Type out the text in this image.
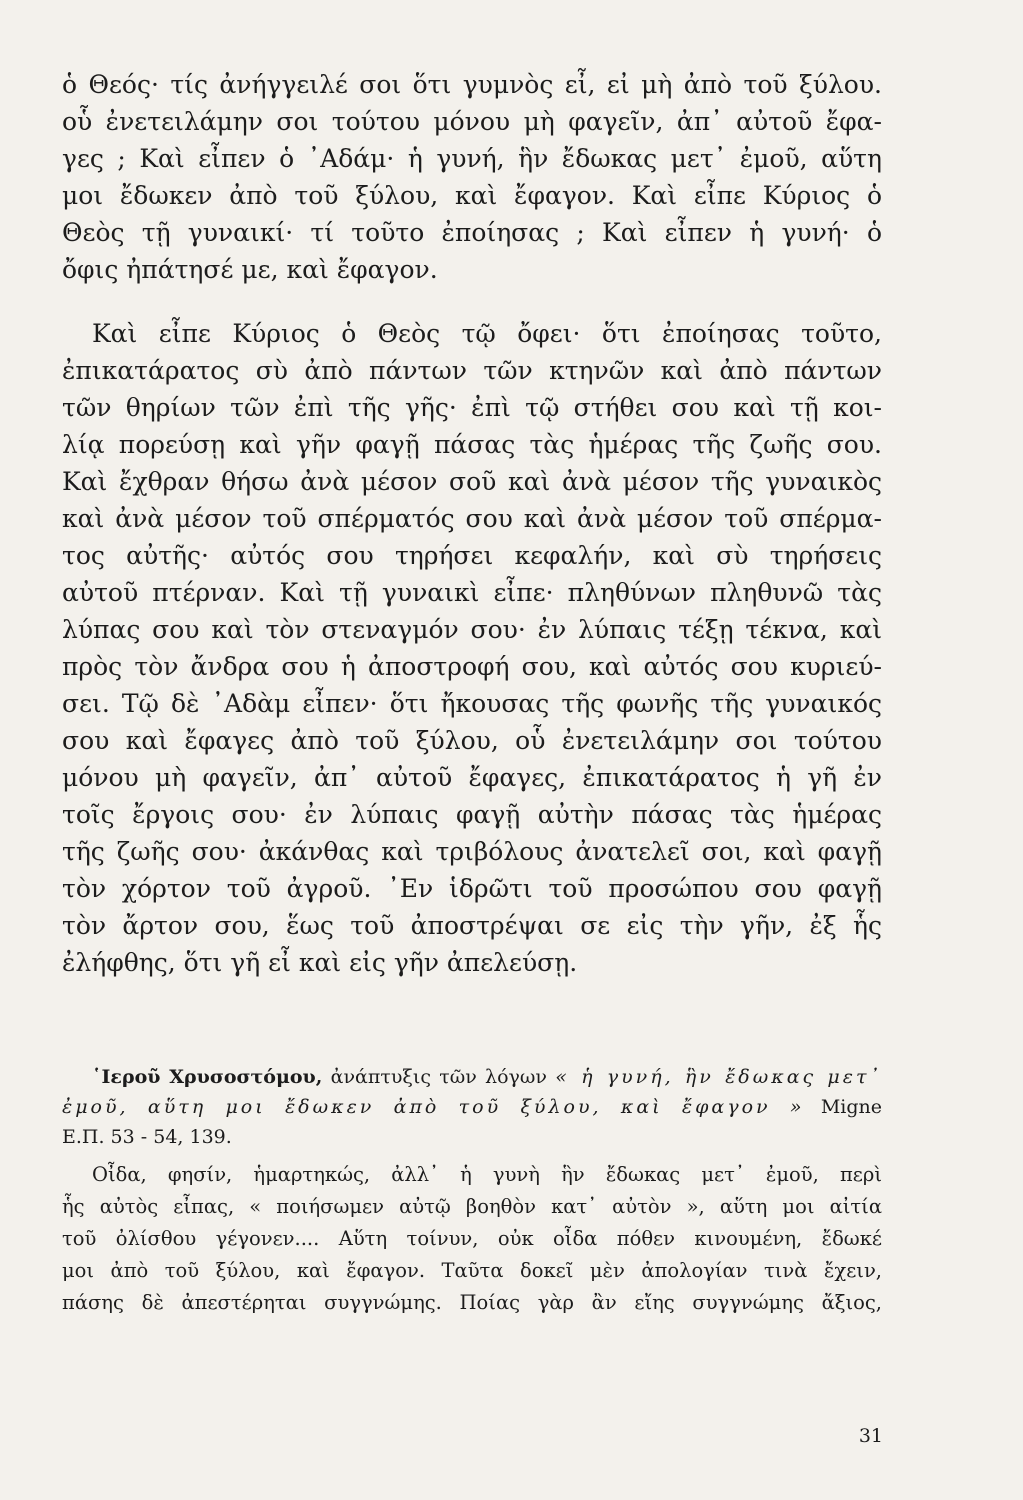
ὁ Θεός· τίς ἀνήγγειλέ σοι ὅτι γυμνὸς εἶ, εἰ μὴ ἀπὸ τοῦ ξύλου.
οὗ ἐνετειλάμην σοι τούτου μόνου μὴ φαγεῖν, ἀπ᾿ αὐτοῦ ἔφα-
γες ; Καὶ εἶπεν ὁ ᾿Αδάμ· ἡ γυνή, ἣν ἔδωκας μετ᾿ ἐμοῦ, αὕτη
μοι ἔδωκεν ἀπὸ τοῦ ξύλου, καὶ ἔφαγον. Καὶ εἶπε Κύριος ὁ
Θεὸς τῇ γυναικί· τί τοῦτο ἐποίησας ; Καὶ εἶπεν ἡ γυνή· ὁ
ὄφις ἠπάτησέ με, καὶ ἔφαγον.
Καὶ εἶπε Κύριος ὁ Θεὸς τῷ ὄφει· ὅτι ἐποίησας τοῦτο,
ἐπικατάρατος σὺ ἀπὸ πάντων τῶν κτηνῶν καὶ ἀπὸ πάντων
τῶν θηρίων τῶν ἐπὶ τῆς γῆς· ἐπὶ τῷ στήθει σου καὶ τῇ κοι-
λίᾳ πορεύσῃ καὶ γῆν φαγῇ πάσας τὰς ἡμέρας τῆς ζωῆς σου.
Καὶ ἔχθραν θήσω ἀνὰ μέσον σοῦ καὶ ἀνὰ μέσον τῆς γυναικὸς
καὶ ἀνὰ μέσον τοῦ σπέρματός σου καὶ ἀνὰ μέσον τοῦ σπέρμα-
τος αὐτῆς· αὐτός σου τηρήσει κεφαλήν, καὶ σὺ τηρήσεις
αὐτοῦ πτέρναν. Καὶ τῇ γυναικὶ εἶπε· πληθύνων πληθυνῶ τὰς
λύπας σου καὶ τὸν στεναγμόν σου· ἐν λύπαις τέξῃ τέκνα, καὶ
πρὸς τὸν ἄνδρα σου ἡ ἀποστροφή σου, καὶ αὐτός σου κυριεύ-
σει. Τῷ δὲ ᾿Αδὰμ εἶπεν· ὅτι ἤκουσας τῆς φωνῆς τῆς γυναικός
σου καὶ ἔφαγες ἀπὸ τοῦ ξύλου, οὗ ἐνετειλάμην σοι τούτου
μόνου μὴ φαγεῖν, ἀπ᾿ αὐτοῦ ἔφαγες, ἐπικατάρατος ἡ γῆ ἐν
τοῖς ἔργοις σου· ἐν λύπαις φαγῇ αὐτὴν πάσας τὰς ἡμέρας
τῆς ζωῆς σου· ἀκάνθας καὶ τριβόλους ἀνατελεῖ σοι, καὶ φαγῇ
τὸν χόρτον τοῦ ἀγροῦ. ᾿Εν ἱδρῶτι τοῦ προσώπου σου φαγῇ
τὸν ἄρτον σου, ἕως τοῦ ἀποστρέψαι σε εἰς τὴν γῆν, ἐξ ἧς
ἐλήφθης, ὅτι γῆ εἶ καὶ εἰς γῆν ἀπελεύσῃ.
῾Ιεροῦ Χρυσοστόμου, ἀνάπτυξις τῶν λόγων « ἡ γυνή, ἣν ἔδωκας μετ᾿
ἐμοῦ, αὕτη μοι ἔδωκεν ἀπὸ τοῦ ξύλου, καὶ ἔφαγον » Migne
Ε.Π. 53 - 54, 139.
Οἶδα, φησίν, ἡμαρτηκώς, ἀλλ᾿ ἡ γυνὴ ἣν ἔδωκας μετ᾿ ἐμοῦ, περὶ
ἧς αὐτὸς εἶπας, « ποιήσωμεν αὐτῷ βοηθὸν κατ᾿ αὐτὸν », αὕτη μοι αἰτία
τοῦ ὀλίσθου γέγονεν.... Αὕτη τοίνυν, οὐκ οἶδα πόθεν κινουμένη, ἔδωκέ
μοι ἀπὸ τοῦ ξύλου, καὶ ἔφαγον. Ταῦτα δοκεῖ μὲν ἀπολογίαν τινὰ ἔχειν,
πάσης δὲ ἀπεστέρηται συγγνώμης. Ποίας γὰρ ἂν εἴης συγγνώμης ἄξιος,
31
